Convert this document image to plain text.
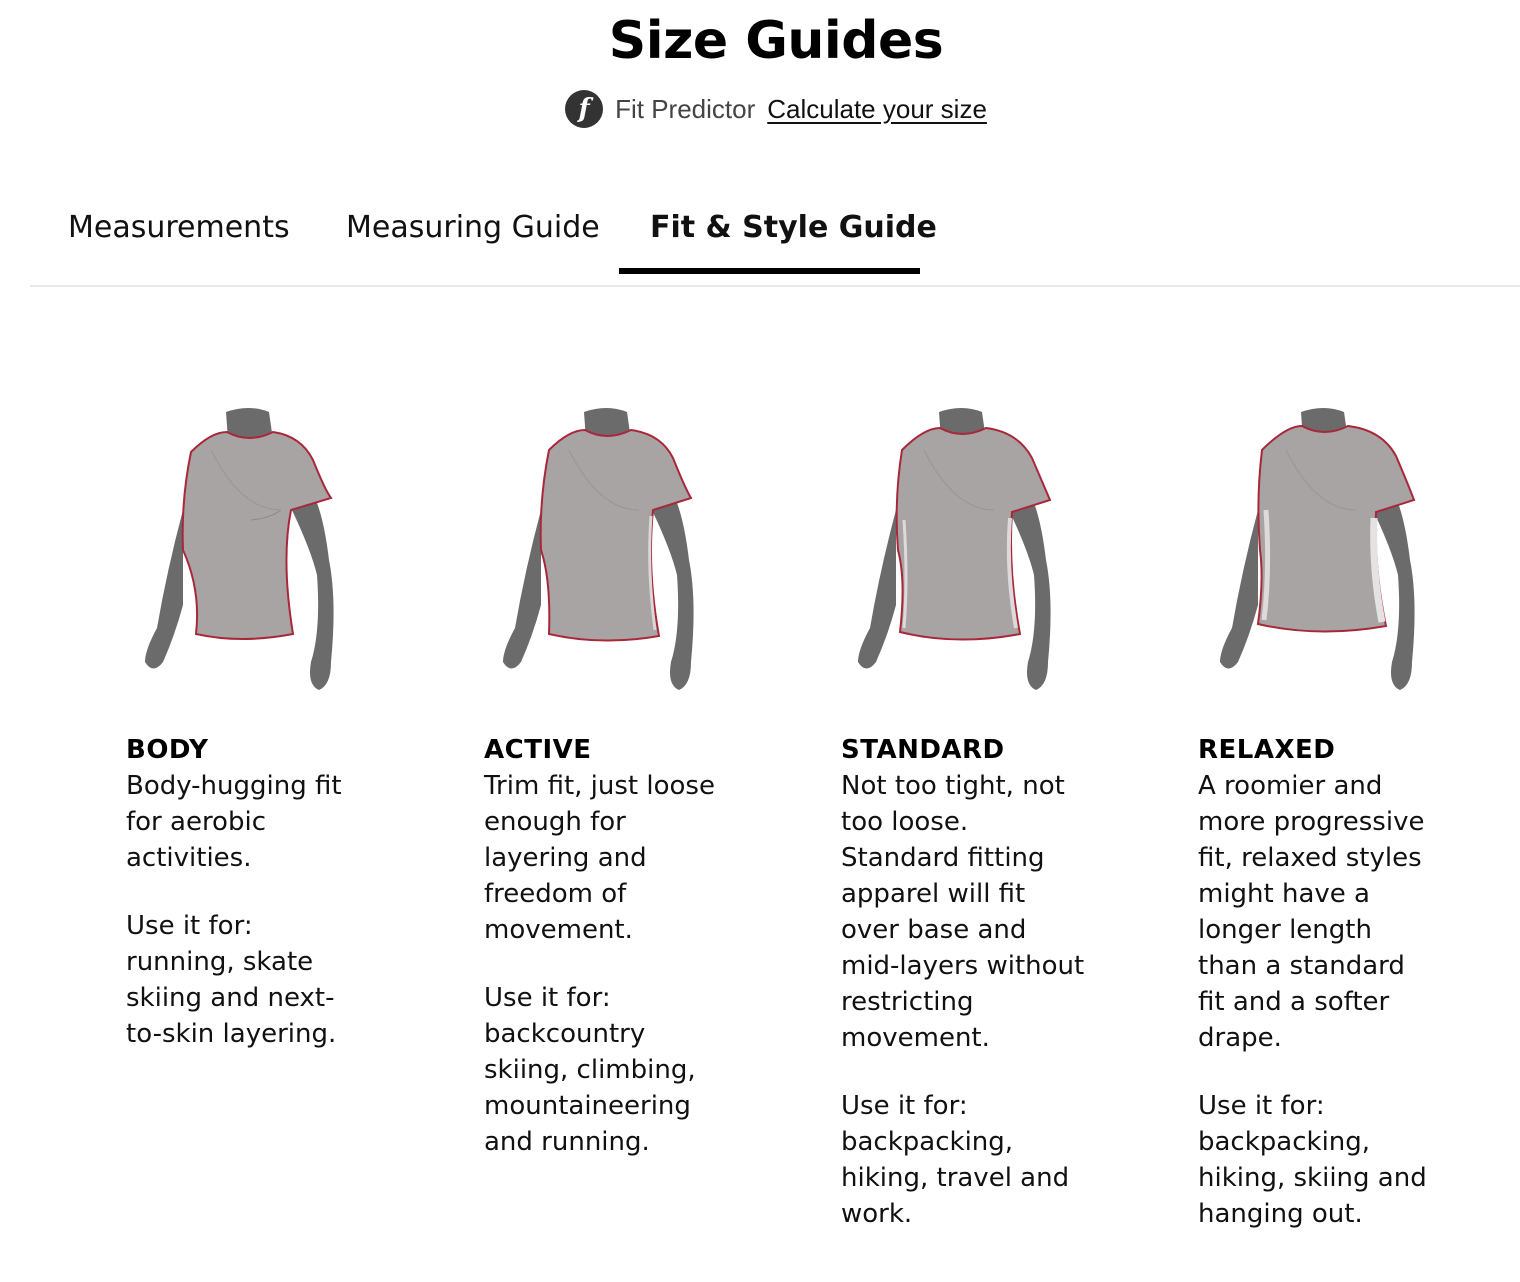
Size Guides
f Fit Predictor Calculate your size
Measurements Measuring Guide Fit & Style Guide
BODY

Body-hugging fit for aerobic activities.

Use it for: running, skate skiing and next-to-skin layering.

ACTIVE

Trim fit, just loose enough for layering and freedom of movement.

Use it for: backcountry skiing, climbing, mountaineering and running.

STANDARD

Not too tight, not too loose. Standard fitting apparel will fit over base and mid-layers without restricting movement.

Use it for: backpacking, hiking, travel and work.

RELAXED

A roomier and more progressive fit, relaxed styles might have a longer length than a standard fit and a softer drape.

Use it for: backpacking, hiking, skiing and hanging out.
